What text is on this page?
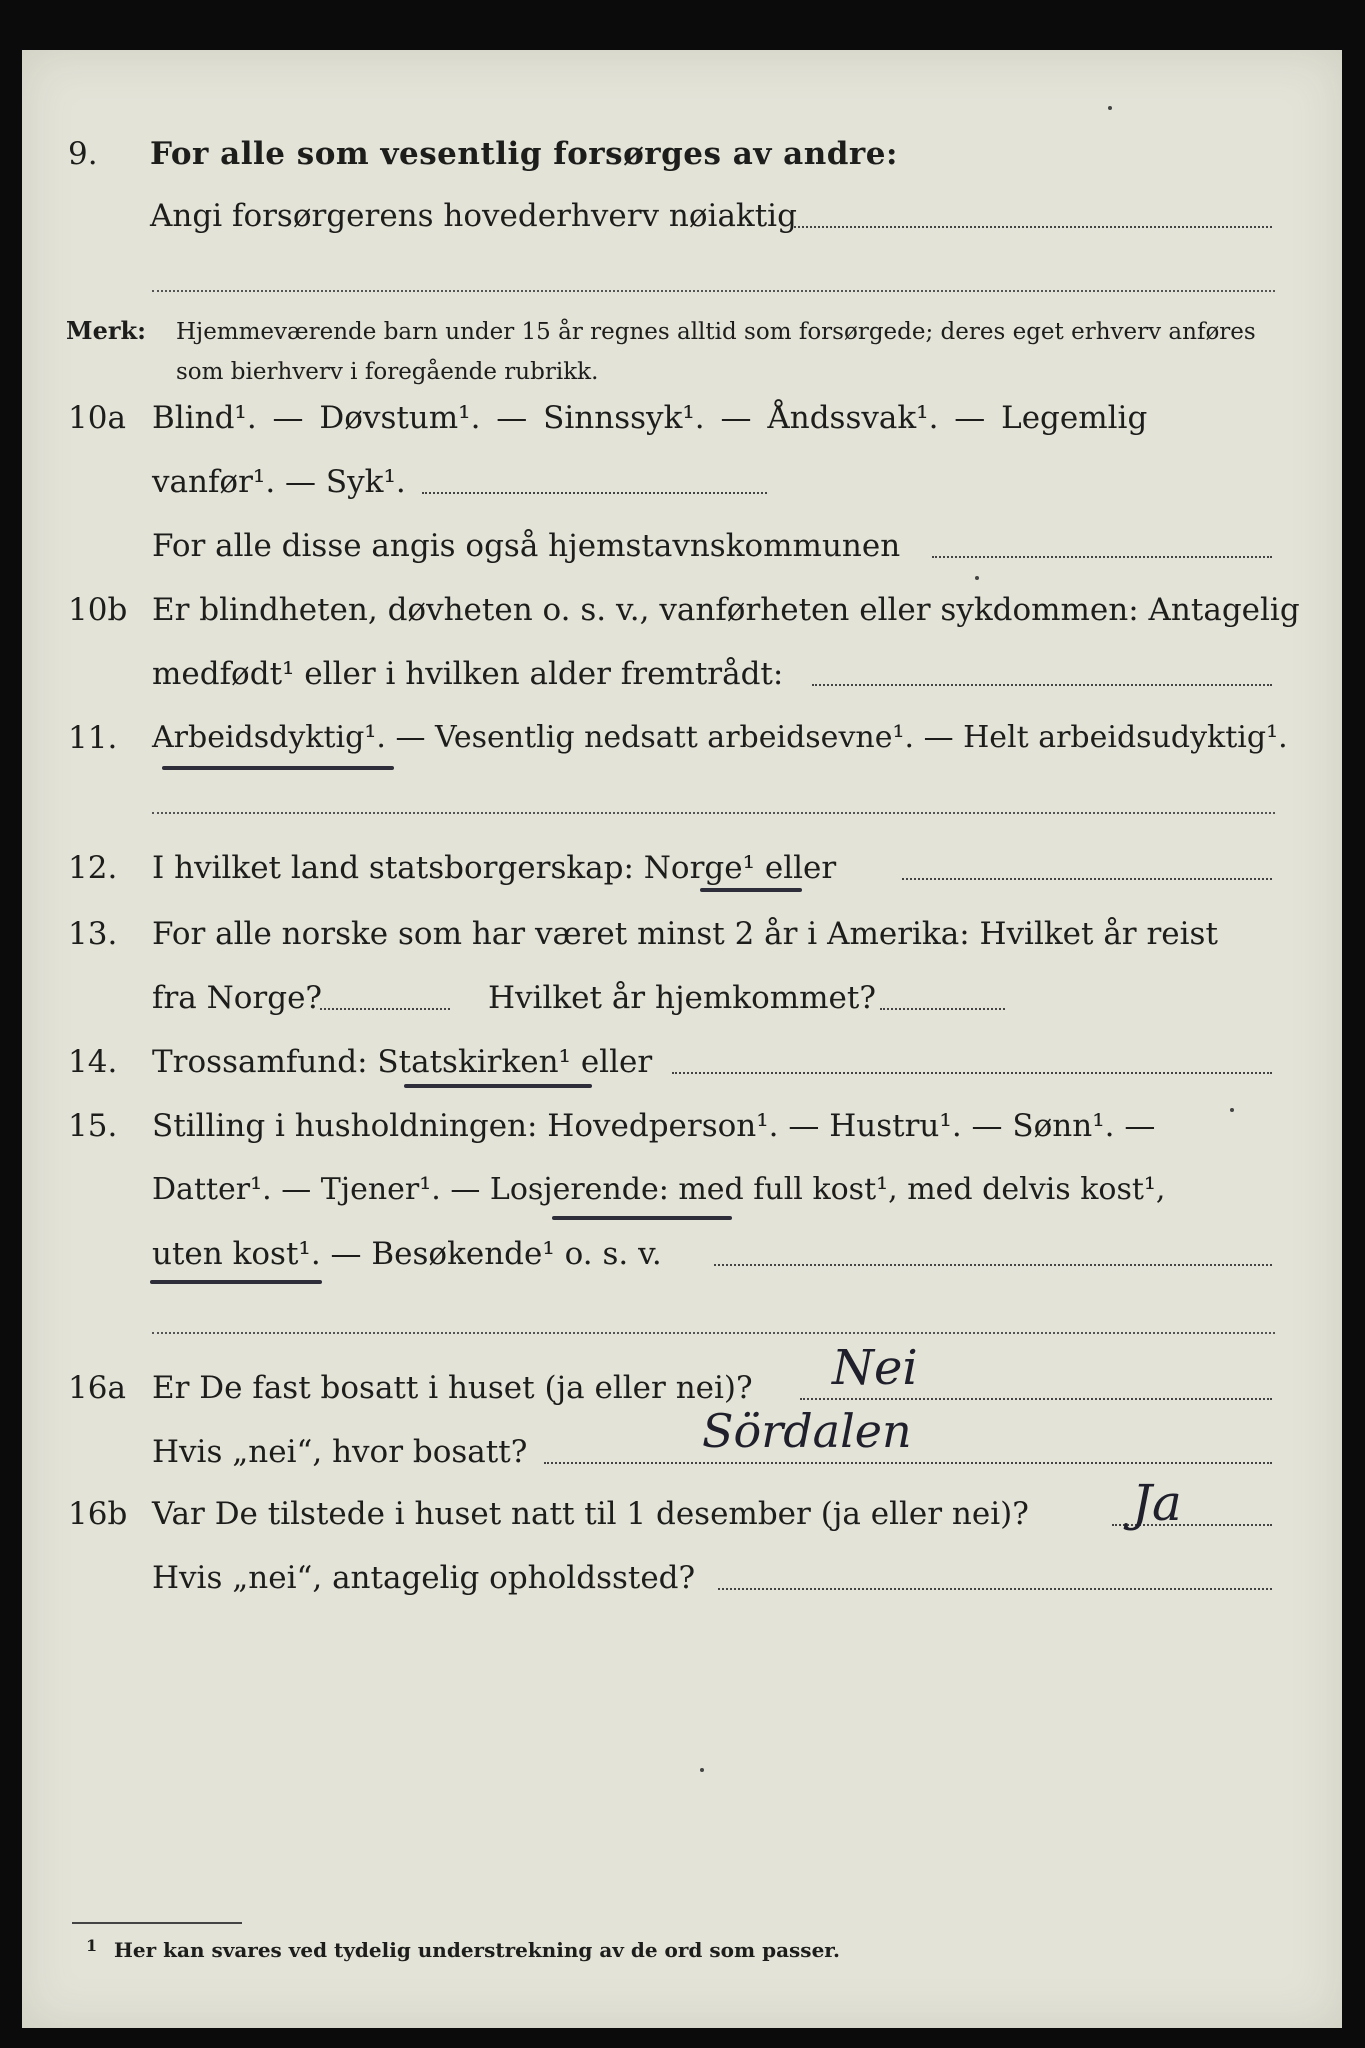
9. For alle som vesentlig forsørges av andre:
Angi forsørgerens hovederhverv nøiaktig
Merk: Hjemmeværende barn under 15 år regnes alltid som forsørgede; deres eget erhverv anføres som bierhverv i foregående rubrikk.
10a Blind¹. — Døvstum¹. — Sinnssyk¹. — Åndssvak¹. — Legemlig
vanfør¹. — Syk¹.
For alle disse angis også hjemstavnskommunen
10b Er blindheten, døvheten o. s. v., vanførheten eller sykdommen: Antagelig
medfødt¹ eller i hvilken alder fremtrådt:
11. Arbeidsdyktig¹. — Vesentlig nedsatt arbeidsevne¹. — Helt arbeidsudyktig¹.
12. I hvilket land statsborgerskap: Norge¹ eller
13. For alle norske som har været minst 2 år i Amerika: Hvilket år reist
fra Norge?	Hvilket år hjemkommet?
14. Trossamfund: Statskirken¹ eller
15. Stilling i husholdningen: Hovedperson¹. — Hustru¹. — Sønn¹. —
Datter¹. — Tjener¹. — Losjerende: med full kost¹, med delvis kost¹,
uten kost¹. — Besøkende¹ o. s. v.
16a Er De fast bosatt i huset (ja eller nei)? Nei
Hvis „nei“, hvor bosatt?	Sördalen
16b Var De tilstede i huset natt til 1 desember (ja eller nei)? Ja
Hvis „nei“, antagelig opholdssted?
1 Her kan svares ved tydelig understrekning av de ord som passer.
